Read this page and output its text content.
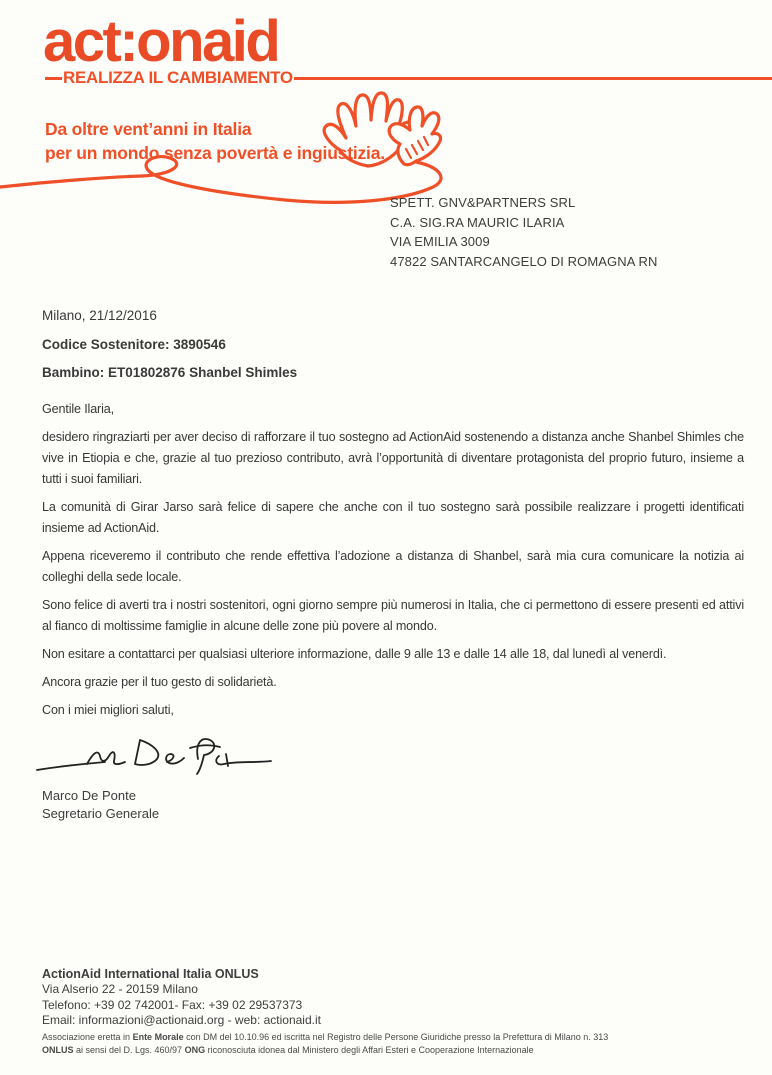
act:onaid
REALIZZA IL CAMBIAMENTO
Da oltre vent’anni in Italia
per un mondo senza povertà e ingiustizia.
SPETT. GNV&PARTNERS SRL
C.A. SIG.RA MAURIC ILARIA
VIA EMILIA 3009
47822 SANTARCANGELO DI ROMAGNA RN
Milano, 21/12/2016
Codice Sostenitore: 3890546
Bambino: ET01802876 Shanbel Shimles

Gentile Ilaria,

desidero ringraziarti per aver deciso di rafforzare il tuo sostegno ad ActionAid sostenendo a distanza anche Shanbel Shimles che vive in Etiopia e che, grazie al tuo prezioso contributo, avrà l’opportunità di diventare protagonista del proprio futuro, insieme a tutti i suoi familiari.

La comunità di Girar Jarso sarà felice di sapere che anche con il tuo sostegno sarà possibile realizzare i progetti identificati insieme ad ActionAid.

Appena riceveremo il contributo che rende effettiva l’adozione a distanza di Shanbel, sarà mia cura comunicare la notizia ai colleghi della sede locale.

Sono felice di averti tra i nostri sostenitori, ogni giorno sempre più numerosi in Italia, che ci permettono di essere presenti ed attivi al fianco di moltissime famiglie in alcune delle zone più povere al mondo.

Non esitare a contattarci per qualsiasi ulteriore informazione, dalle 9 alle 13 e dalle 14 alle 18, dal lunedì al venerdì.

Ancora grazie per il tuo gesto di solidarietà.

Con i miei migliori saluti,

Marco De Ponte
Segretario Generale
ActionAid International Italia ONLUS
Via Alserio 22 - 20159 Milano
Telefono: +39 02 742001- Fax: +39 02 29537373
Email: informazioni@actionaid.org - web: actionaid.it
Associazione eretta in Ente Morale con DM del 10.10.96 ed iscritta nel Registro delle Persone Giuridiche presso la Prefettura di Milano n. 313
ONLUS ai sensi del D. Lgs. 460/97 ONG riconosciuta idonea dal Ministero degli Affari Esteri e Cooperazione Internazionale
